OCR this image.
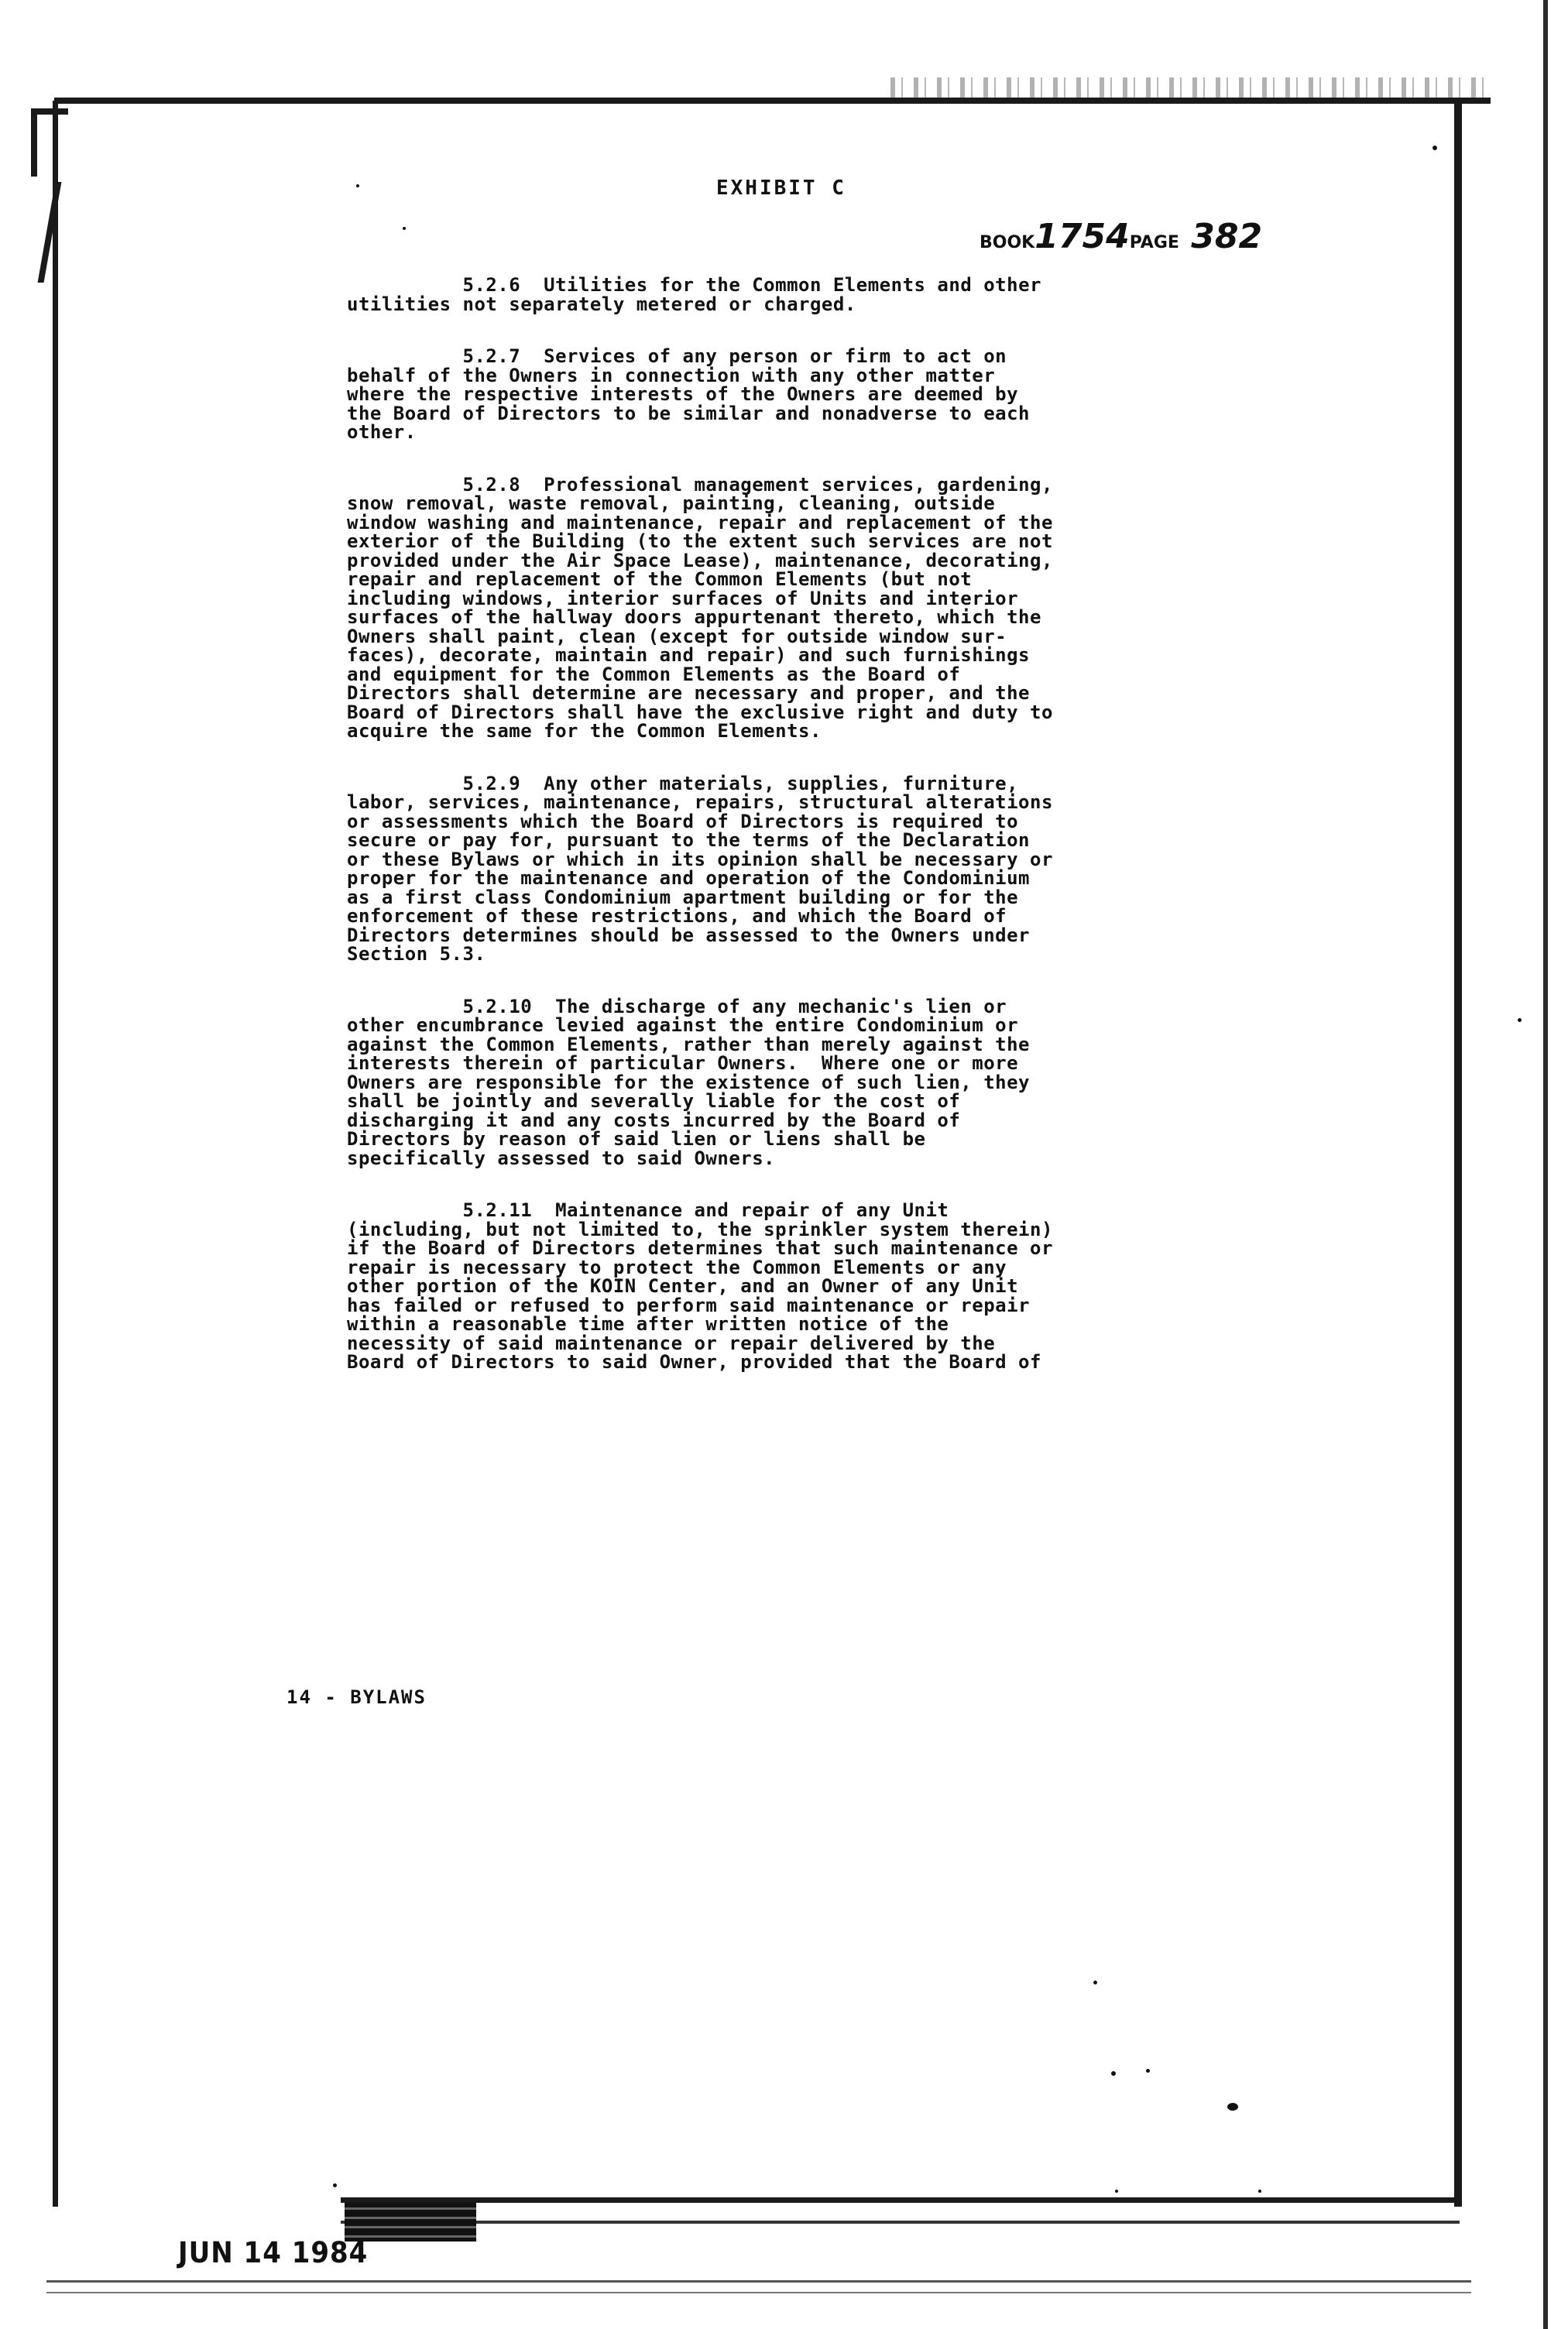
EXHIBIT C
BOOK1754PAGE 382

5.2.6  Utilities for the Common Elements and other
utilities not separately metered or charged.

5.2.7  Services of any person or firm to act on
behalf of the Owners in connection with any other matter
where the respective interests of the Owners are deemed by
the Board of Directors to be similar and nonadverse to each
other.

5.2.8  Professional management services, gardening,
snow removal, waste removal, painting, cleaning, outside
window washing and maintenance, repair and replacement of the
exterior of the Building (to the extent such services are not
provided under the Air Space Lease), maintenance, decorating,
repair and replacement of the Common Elements (but not
including windows, interior surfaces of Units and interior
surfaces of the hallway doors appurtenant thereto, which the
Owners shall paint, clean (except for outside window sur-
faces), decorate, maintain and repair) and such furnishings
and equipment for the Common Elements as the Board of
Directors shall determine are necessary and proper, and the
Board of Directors shall have the exclusive right and duty to
acquire the same for the Common Elements.

5.2.9  Any other materials, supplies, furniture,
labor, services, maintenance, repairs, structural alterations
or assessments which the Board of Directors is required to
secure or pay for, pursuant to the terms of the Declaration
or these Bylaws or which in its opinion shall be necessary or
proper for the maintenance and operation of the Condominium
as a first class Condominium apartment building or for the
enforcement of these restrictions, and which the Board of
Directors determines should be assessed to the Owners under
Section 5.3.

5.2.10  The discharge of any mechanic's lien or
other encumbrance levied against the entire Condominium or
against the Common Elements, rather than merely against the
interests therein of particular Owners.  Where one or more
Owners are responsible for the existence of such lien, they
shall be jointly and severally liable for the cost of
discharging it and any costs incurred by the Board of
Directors by reason of said lien or liens shall be
specifically assessed to said Owners.

5.2.11  Maintenance and repair of any Unit
(including, but not limited to, the sprinkler system therein)
if the Board of Directors determines that such maintenance or
repair is necessary to protect the Common Elements or any
other portion of the KOIN Center, and an Owner of any Unit
has failed or refused to perform said maintenance or repair
within a reasonable time after written notice of the
necessity of said maintenance or repair delivered by the
Board of Directors to said Owner, provided that the Board of

14 - BYLAWS
JUN 14 1984
